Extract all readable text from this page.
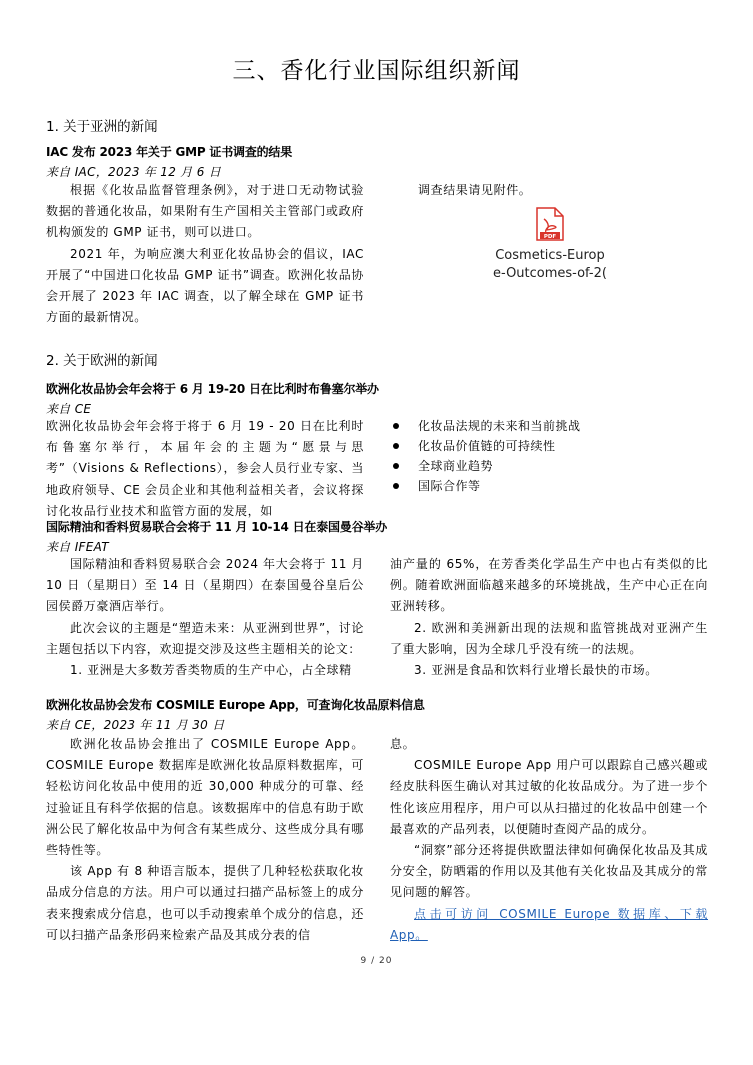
三、香化行业国际组织新闻
1. 关于亚洲的新闻
IAC 发布 2023 年关于 GMP 证书调查的结果
来自 IAC，2023 年 12 月 6 日

根据《化妆品监督管理条例》，对于进口无动物试验数据的普通化妆品，如果附有生产国相关主管部门或政府机构颁发的 GMP 证书，则可以进口。

2021 年，为响应澳大利亚化妆品协会的倡议，IAC 开展了“中国进口化妆品 GMP 证书”调查。欧洲化妆品协会开展了 2023 年 IAC 调查，以了解全球在 GMP 证书方面的最新情况。

调查结果请见附件。

PDF
Cosmetics-Europ
e-Outcomes-of-2(
2. 关于欧洲的新闻
欧洲化妆品协会年会将于 6 月 19-20 日在比利时布鲁塞尔举办
来自 CE

欧洲化妆品协会年会将于将于 6 月 19 - 20 日在比利时布鲁塞尔举行，本届年会的主题为“愿景与思考”（Visions & Reflections），参会人员行业专家、当地政府领导、CE 会员企业和其他利益相关者，会议将探讨化妆品行业技术和监管方面的发展，如

化妆品法规的未来和当前挑战
化妆品价值链的可持续性
全球商业趋势
国际合作等
国际精油和香料贸易联合会将于 11 月 10-14 日在泰国曼谷举办
来自 IFEAT

国际精油和香料贸易联合会 2024 年大会将于 11 月 10 日（星期日）至 14 日（星期四）在泰国曼谷皇后公园侯爵万豪酒店举行。

此次会议的主题是“塑造未来：从亚洲到世界”，讨论主题包括以下内容，欢迎提交涉及这些主题相关的论文：

1. 亚洲是大多数芳香类物质的生产中心，占全球精

油产量的 65%，在芳香类化学品生产中也占有类似的比例。随着欧洲面临越来越多的环境挑战，生产中心正在向亚洲转移。

2. 欧洲和美洲新出现的法规和监管挑战对亚洲产生了重大影响，因为全球几乎没有统一的法规。

3. 亚洲是食品和饮料行业增长最快的市场。

欧洲化妆品协会发布 COSMILE Europe App，可查询化妆品原料信息
来自 CE，2023 年 11 月 30 日

欧洲化妆品协会推出了 COSMILE Europe App。COSMILE Europe 数据库是欧洲化妆品原料数据库，可轻松访问化妆品中使用的近 30,000 种成分的可靠、经过验证且有科学依据的信息。该数据库中的信息有助于欧洲公民了解化妆品中为何含有某些成分、这些成分具有哪些特性等。

该 App 有 8 种语言版本，提供了几种轻松获取化妆品成分信息的方法。用户可以通过扫描产品标签上的成分表来搜索成分信息，也可以手动搜索单个成分的信息，还可以扫描产品条形码来检索产品及其成分表的信

息。

COSMILE Europe App 用户可以跟踪自己感兴趣或经皮肤科医生确认对其过敏的化妆品成分。为了进一步个性化该应用程序，用户可以从扫描过的化妆品中创建一个最喜欢的产品列表，以便随时查阅产品的成分。

“洞察”部分还将提供欧盟法律如何确保化妆品及其成分安全，防晒霜的作用以及其他有关化妆品及其成分的常见问题的解答。

点击可访问 COSMILE Europe 数据库、下载 App。

9 / 20
